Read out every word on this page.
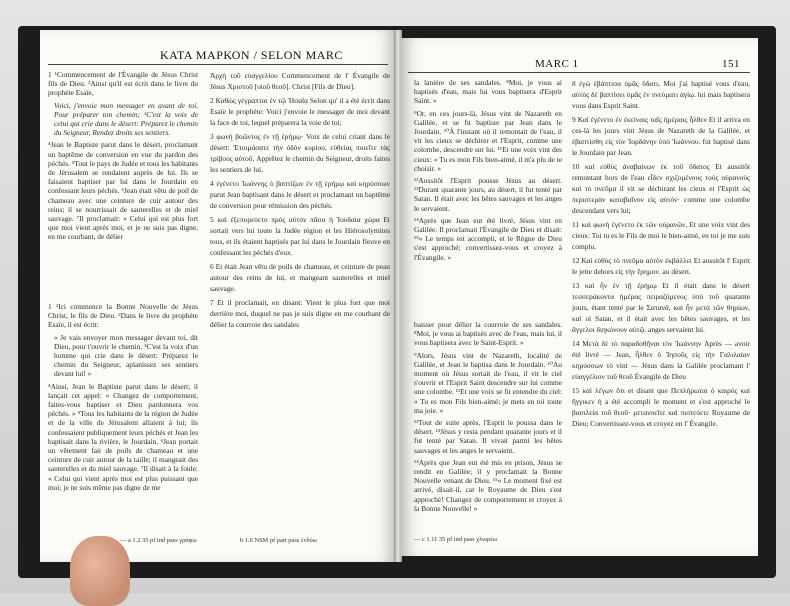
ΚΑΤΑ ΜΑΡΚΟΝ / SELON MARC

1 ¹Commencement de l'Évangile de Jésus Christ fils de Dieu. ²Ainsi qu'il est écrit dans le livre du prophète Esaïe,

Voici, j'envoie mon messager en avant de toi, Pour préparer ton chemin; ³C'est la voix de celui qui crie dans le désert: Préparez le chemin du Seigneur, Rendez droits ses sentiers.

⁴Jean le Baptiste parut dans le désert, proclamant un baptême de conversion en vue du pardon des péchés. ⁵Tout le pays de Judée et tous les habitants de Jérusalem se rendaient auprès de lui. Ils se faisaient baptiser par lui dans le Jourdain en confessant leurs péchés. ⁶Jean était vêtu de poil de chameau avec une ceinture de cuir autour des reins; il se nourrissait de sauterelles et de miel sauvage. ⁷Il proclamait: « Celui qui est plus fort que moi vient après moi, et je ne suis pas digne, en me courbant, de délier

1 ¹Ici commence la Bonne Nouvelle de Jésus Christ, le fils de Dieu. ²Dans le livre du prophète Esaïe, il est écrit:

« Je vais envoyer mon messager devant toi, dit Dieu, pour t'ouvrir le chemin. ³C'est la voix d'un homme qui crie dans le désert: Préparez le chemin du Seigneur, aplanissez ses sentiers devant lui! »

⁴Ainsi, Jean le Baptiste parut dans le désert; il lançait cet appel: « Changez de comportement, faites-vous baptiser et Dieu pardonnera vos péchés. » ⁵Tous les habitants de la région de Judée et de la ville de Jérusalem allaient à lui; ils confessaient publiquement leurs péchés et Jean les baptisait dans la rivière, le Jourdain. ⁶Jean portait un vêtement fait de poils de chameau et une ceinture de cuir autour de la taille; il mangeait des sauterelles et du miel sauvage. ⁷Il disait à la foule: « Celui qui vient après moi est plus puissant que moi; je ne suis même pas digne de me

Ἀρχὴ τοῦ εὐαγγελίου Commencement de l' Évangile de Jésus Χριστοῦ [υἱοῦ θεοῦ]. Christ [Fils de Dieu].

2 Καθὼς γέγραπται ἐν τῷ Ἠσαΐᾳ Selon qu' il a été écrit dans Esaïe le prophète: Voici j'envoie le messager de moi devant la face de toi, lequel préparera la voie de toi;

3 φωνὴ βοῶντος ἐν τῇ ἐρήμῳ· Voix de celui criant dans le désert: Ἑτοιμάσατε τὴν ὁδὸν κυρίου, εὐθείας ποιεῖτε τὰς τρίβους αὐτοῦ, Apprêtez le chemin du Seigneur, droits faites les sentiers de lui,

4 ἐγένετο Ἰωάννης ὁ βαπτίζων ἐν τῇ ἐρήμῳ καὶ κηρύσσων parut Jean baptisant dans le désert et proclamant un baptême de conversion pour rémission des péchés.

5 καὶ ἐξεπορεύετο πρὸς αὐτὸν πᾶσα ἡ Ἰουδαία χώρα Et sortait vers lui toute la Judée région et les Hiérosolymites tous, et ils étaient baptisés par lui dans le Jourdain fleuve en confessant les péchés d'eux.

6 Et était Jean vêtu de poils de chameau, et ceinture de peau autour des reins de lui, et mangeant sauterelles et miel sauvage.

7 Et il proclamait, en disant: Vient le plus fort que moi derrière moi, duquel ne pas je suis digne en me courbant de délier la courroie des sandales

— a 1.2 35 pf ind pass γράφω	b 1.6 NSM pf part pass ἐνδύω
MARC 1	151

la lanière de ses sandales. ⁸Moi, je vous ai baptisés d'eau, mais lui vous baptisera d'Esprit Saint. »

⁹Or, en ces jours-là, Jésus vint de Nazareth en Galilée, et se fit baptiser par Jean dans le Jourdain. ¹⁰À l'instant où il remontait de l'eau, il vit les cieux se déchirer et l'Esprit, comme une colombe, descendre sur lui. ¹¹Et une voix vint des cieux: « Tu es mon Fils bien-aimé, il m'a plu de te choisir. »

¹²Aussitôt l'Esprit pousse Jésus au désert. ¹³Durant quarante jours, au désert, il fut tenté par Satan. Il était avec les bêtes sauvages et les anges le servaient.

¹⁴Après que Jean eut été livré, Jésus vint en Galilée. Il proclamait l'Évangile de Dieu et disait: ¹⁵« Le temps est accompli, et le Règne de Dieu s'est approché; convertissez-vous et croyez à l'Évangile. »

baisser pour délier la courroie de ses sandales. ⁸Moi, je vous ai baptisés avec de l'eau, mais lui, il vous baptisera avec le Saint-Esprit. »

⁹Alors, Jésus vint de Nazareth, localité de Galilée, et Jean le baptisa dans le Jourdain. ¹⁰Au moment où Jésus sortait de l'eau, il vit le ciel s'ouvrir et l'Esprit Saint descendre sur lui comme une colombe. ¹¹Et une voix se fit entendre du ciel: « Tu es mon Fils bien-aimé; je mets en toi toute ma joie. »

¹²Tout de suite après, l'Esprit le poussa dans le désert. ¹³Jésus y resta pendant quarante jours et il fut tenté par Satan. Il vivait parmi les bêtes sauvages et les anges le servaient.

¹⁴Après que Jean eut été mis en prison, Jésus se rendit en Galilée; il y proclamait la Bonne Nouvelle venant de Dieu. ¹⁵« Le moment fixé est arrivé, disait-il, car le Royaume de Dieu s'est approché! Changez de comportement et croyez à la Bonne Nouvelle! »

8 ἐγὼ ἐβάπτισα ὑμᾶς ὕδατι, Moi j'ai baptisé vous d'eau, αὐτὸς δὲ βαπτίσει ὑμᾶς ἐν πνεύματι ἁγίῳ. lui mais baptisera vous dans Esprit Saint.

9 Καὶ ἐγένετο ἐν ἐκείναις ταῖς ἡμέραις ἦλθεν Et il arriva en ces-là les jours vint Jésus de Nazareth de la Galilée, et ἐβαπτίσθη εἰς τὸν Ἰορδάνην ὑπὸ Ἰωάννου. fut baptisé dans le Jourdain par Jean.

10 καὶ εὐθὺς ἀναβαίνων ἐκ τοῦ ὕδατος Et aussitôt remontant hors de l'eau εἶδεν σχιζομένους τοὺς οὐρανοὺς καὶ τὸ πνεῦμα il vit se déchirant les cieux et l'Esprit ὡς περιστερὰν καταβαῖνον εἰς αὐτόν· comme une colombe descendant vers lui;

11 καὶ φωνὴ ἐγένετο ἐκ τῶν οὐρανῶν, Et une voix vint des cieux: Toi tu es le Fils de moi le bien-aimé, en toi je me suis complu.

12 Καὶ εὐθὺς τὸ πνεῦμα αὐτὸν ἐκβάλλει Et aussitôt l' Esprit le jette dehors εἰς τὴν ἔρημον. au désert.

13 καὶ ἦν ἐν τῇ ἐρήμῳ Et il était dans le désert τεσσεράκοντα ἡμέρας πειραζόμενος ὑπὸ τοῦ quarante jours, étant tenté par le Σατανᾶ, καὶ ἦν μετὰ τῶν θηρίων, καὶ οἱ Satan, et il était avec les bêtes sauvages, et les ἄγγελοι διηκόνουν αὐτῷ. anges servaient lui.

14 Μετὰ δὲ τὸ παραδοθῆναι τὸν Ἰωάννην Après — avoir été livré — Jean, ἦλθεν ὁ Ἰησοῦς εἰς τὴν Γαλιλαίαν κηρύσσων τὸ vint — Jésus dans la Galilée proclamant l' εὐαγγέλιον τοῦ θεοῦ Évangile de Dieu

15 καὶ λέγων ὅτι et disant que Πεπλήρωται ὁ καιρὸς καὶ ἤγγικεν ἡ a été accompli le moment et s'est approché le βασιλεία τοῦ θεοῦ· μετανοεῖτε καὶ πιστεύετε Royaume de Dieu; Convertissez-vous et croyez en l' Évangile.

— c 1.11 35 pf ind pass χλιορέω
